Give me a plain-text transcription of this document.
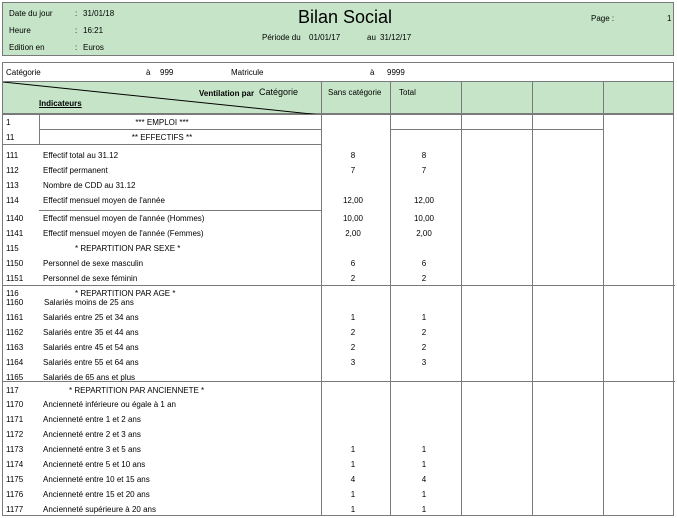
Date du jour	: 31/01/18
Heure	: 16:21
Edition en	: Euros
Bilan Social
Période du 01/01/17	au 31/12/17
Page :	1
Catégorie	à 999	Matricule	à 9999
Ventilation par Catégorie
Indicateurs
Sans catégorie Total
1	*** EMPLOI ***
11	** EFFECTIFS **
111	Effectif total au 31.12	8	8
112	Effectif permanent	7	7
113	Nombre de CDD au 31.12
114	Effectif mensuel moyen de l'année	12,00	12,00
1140 Effectif mensuel moyen de l'année (Hommes)	10,00	10,00
1141 Effectif mensuel moyen de l'année (Femmes)	2,00	2,00
115	* REPARTITION PAR SEXE *
1150 Personnel de sexe masculin	6	6
1151 Personnel de sexe féminin	2	2
116	* REPARTITION PAR AGE *
1160	Salariés moins de 25 ans
1161 Salariés entre 25 et 34 ans	1	1
1162 Salariés entre 35 et 44 ans	2	2
1163 Salariés entre 45 et 54 ans	2	2
1164 Salariés entre 55 et 64 ans	3	3
1165 Salariés de 65 ans et plus
117	* REPARTITION PAR ANCIENNETE *
1170 Ancienneté inférieure ou égale à 1 an
1171 Ancienneté entre 1 et 2 ans
1172 Ancienneté entre 2 et 3 ans
1173 Ancienneté entre 3 et 5 ans	1	1
1174 Ancienneté entre 5 et 10 ans	1	1
1175 Ancienneté entre 10 et 15 ans	4	4
1176 Ancienneté entre 15 et 20 ans	1	1
1177 Ancienneté supérieure à 20 ans	1	1
